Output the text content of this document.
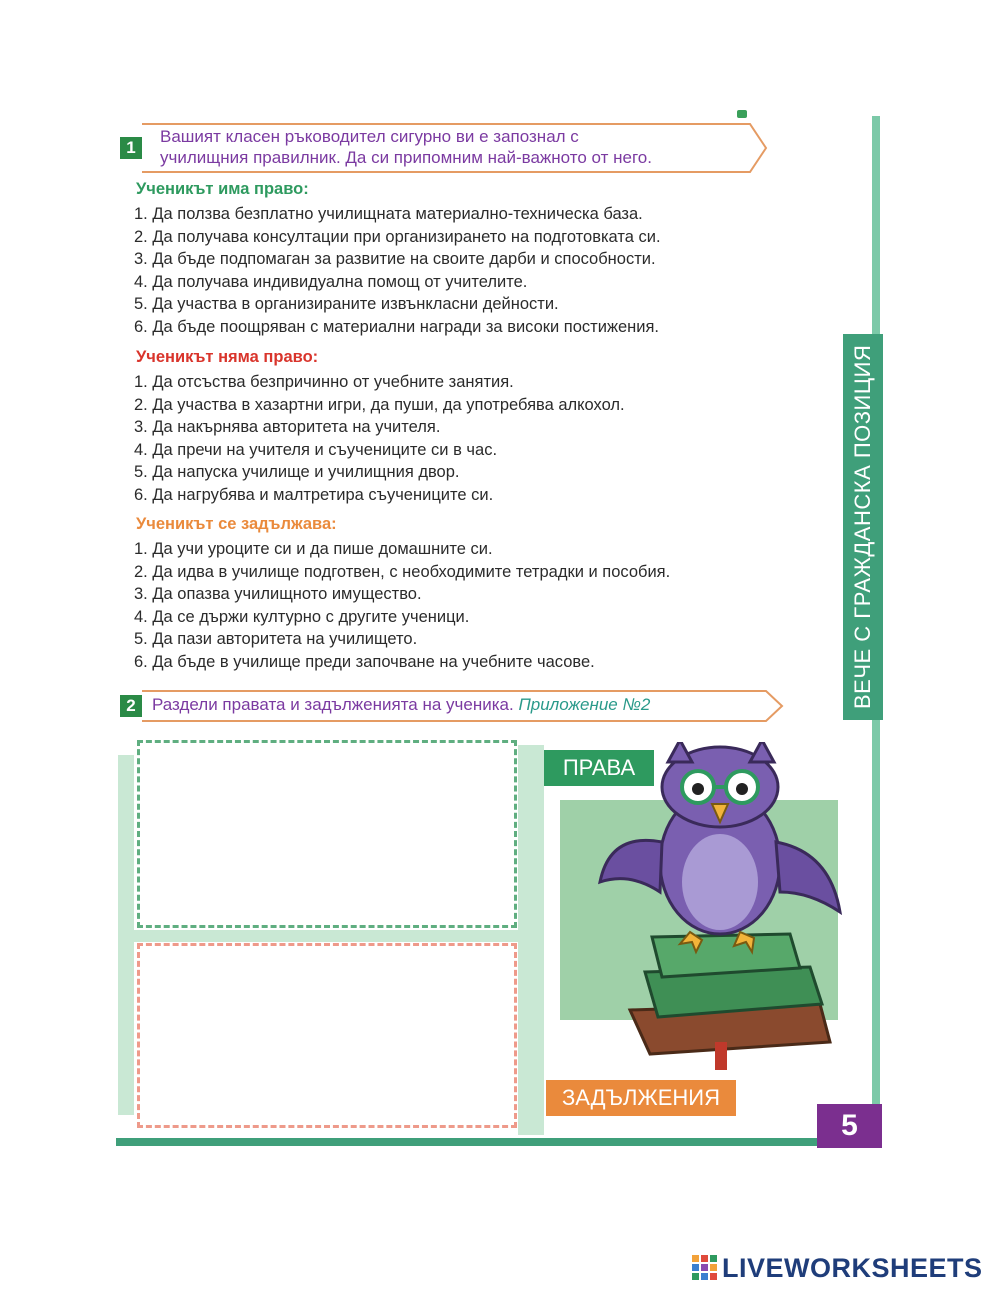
1
Вашият класен ръководител сигурно ви е запознал с
училищния правилник. Да си припомним най-важното от него.
Ученикът има право:
1. Да ползва безплатно училищната материално-техническа база.
2. Да получава консултации при организирането на подготовката си.
3. Да бъде подпомаган за развитие на своите дарби и способности.
4. Да получава индивидуална помощ от учителите.
5. Да участва в организираните извънкласни дейности.
6. Да бъде поощряван с материални награди за високи постижения.
Ученикът няма право:
1. Да отсъства безпричинно от учебните занятия.
2. Да участва в хазартни игри, да пуши, да употребява алкохол.
3. Да накърнява авторитета на учителя.
4. Да пречи на учителя и съучениците си в час.
5. Да напуска училище и училищния двор.
6. Да нагрубява и малтретира съучениците си.
Ученикът се задължава:
1. Да учи уроците си и да пише домашните си.
2. Да идва в училище подготвен, с необходимите тетрадки и пособия.
3. Да опазва училищното имущество.
4. Да се държи културно с другите ученици.
5. Да пази авторитета на училището.
6. Да бъде в училище преди започване на учебните часове.	ВЕЧЕ С ГРАЖДАНСКА ПОЗИЦИЯ
2 Раздели правата и задълженията на ученика. Приложение №2
ПРАВА
ЗАДЪЛЖЕНИЯ
5
LIVEWORKSHEETS
